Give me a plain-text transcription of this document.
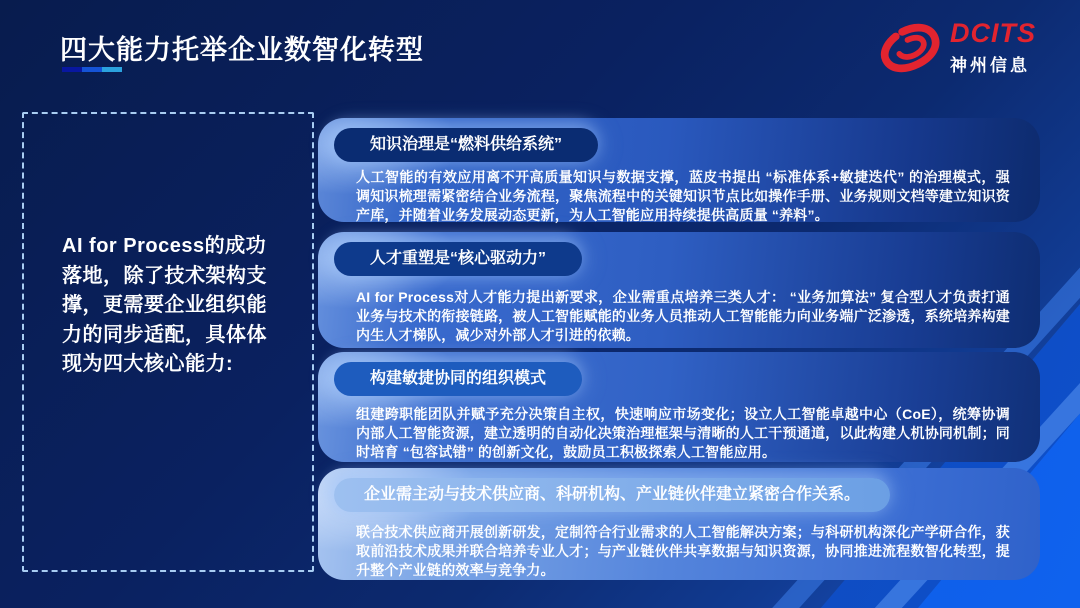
四大能力托举企业数智化转型
DCITS
神州信息

AI for Process的成功落地，除了技术架构支撑，更需要企业组织能力的同步适配，具体体现为四大核心能力:

知识治理是“燃料供给系统”

人工智能的有效应用离不开高质量知识与数据支撑，蓝皮书提出 “标准体系+敏捷迭代” 的治理模式，强调知识梳理需紧密结合业务流程，聚焦流程中的关键知识节点比如操作手册、业务规则文档等建立知识资产库，并随着业务发展动态更新，为人工智能应用持续提供高质量 “养料”。

人才重塑是“核心驱动力”

AI for Process对人才能力提出新要求，企业需重点培养三类人才： “业务加算法” 复合型人才负责打通业务与技术的衔接链路，被人工智能赋能的业务人员推动人工智能能力向业务端广泛渗透，系统培养构建内生人才梯队，减少对外部人才引进的依赖。

构建敏捷协同的组织模式

组建跨职能团队并赋予充分决策自主权，快速响应市场变化；设立人工智能卓越中心（CoE），统筹协调内部人工智能资源，建立透明的自动化决策治理框架与清晰的人工干预通道，以此构建人机协同机制；同时培育 “包容试错” 的创新文化，鼓励员工积极探索人工智能应用。

企业需主动与技术供应商、科研机构、产业链伙伴建立紧密合作关系。

联合技术供应商开展创新研发，定制符合行业需求的人工智能解决方案；与科研机构深化产学研合作，获取前沿技术成果并联合培养专业人才；与产业链伙伴共享数据与知识资源，协同推进流程数智化转型，提升整个产业链的效率与竞争力。
